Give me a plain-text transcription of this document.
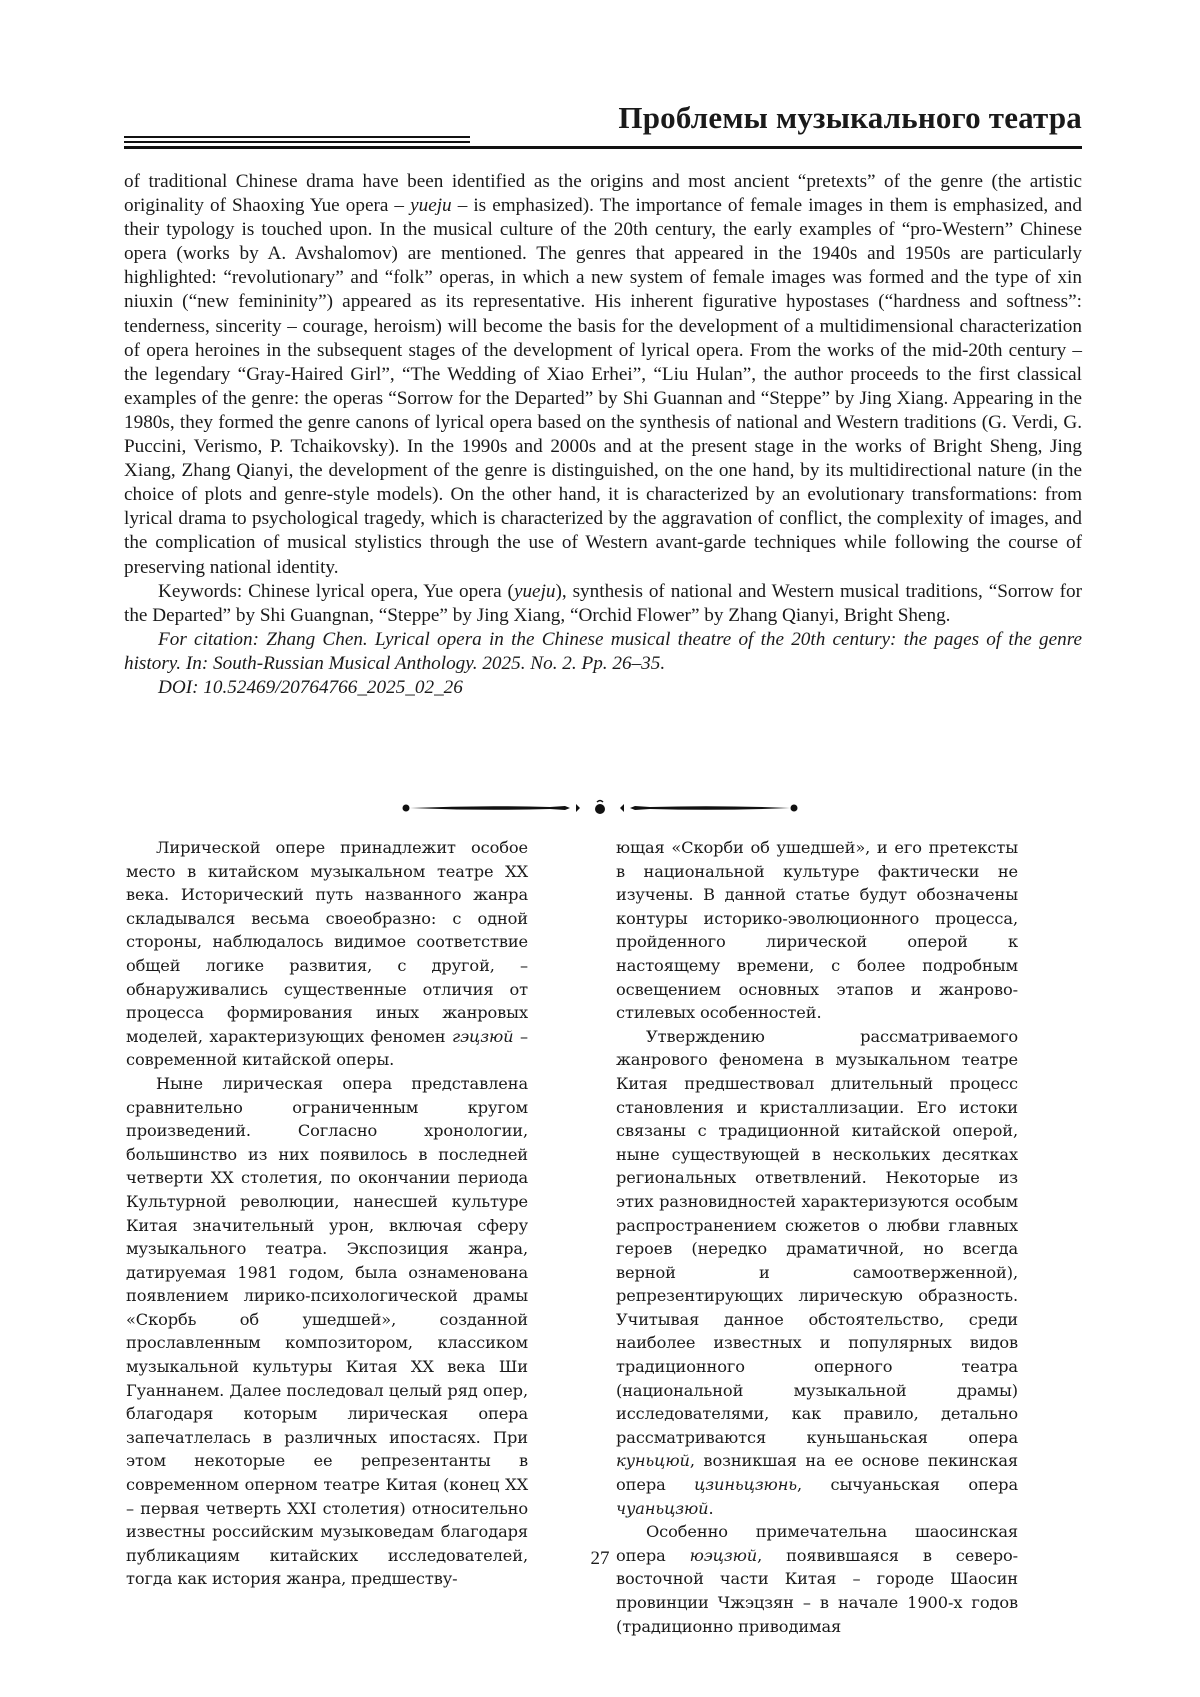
Проблемы музыкального театра

of traditional Chinese drama have been identified as the origins and most ancient “pretexts” of the genre (the artistic originality of Shaoxing Yue opera – yueju – is emphasized). The importance of female images in them is emphasized, and their typology is touched upon. In the musical culture of the 20th century, the early examples of “pro-Western” Chinese opera (works by A. Avshalomov) are mentioned. The genres that appeared in the 1940s and 1950s are particularly highlighted: “revolutionary” and “folk” operas, in which a new system of female images was formed and the type of xin niuxin (“new femininity”) appeared as its representative. His inherent figurative hypostases (“hardness and softness”: tenderness, sincerity – courage, heroism) will become the basis for the development of a multidimensional characterization of opera heroines in the subsequent stages of the development of lyrical opera. From the works of the mid-20th century – the legendary “Gray-Haired Girl”, “The Wedding of Xiao Erhei”, “Liu Hulan”, the author proceeds to the first classical examples of the genre: the operas “Sorrow for the Departed” by Shi Guannan and “Steppe” by Jing Xiang. Appearing in the 1980s, they formed the genre canons of lyrical opera based on the synthesis of national and Western traditions (G. Verdi, G. Puccini, Verismo, P. Tchaikovsky). In the 1990s and 2000s and at the present stage in the works of Bright Sheng, Jing Xiang, Zhang Qianyi, the development of the genre is distinguished, on the one hand, by its multidirectional nature (in the choice of plots and genre-style models). On the other hand, it is characterized by an evolutionary transformations: from lyrical drama to psychological tragedy, which is characterized by the aggravation of conflict, the complexity of images, and the complication of musical stylistics through the use of Western avant-garde techniques while following the course of preserving national identity.

Keywords: Chinese lyrical opera, Yue opera (yueju), synthesis of national and Western musical traditions, “Sorrow for the Departed” by Shi Guangnan, “Steppe” by Jing Xiang, “Orchid Flower” by Zhang Qianyi, Bright Sheng.

For citation: Zhang Chen. Lyrical opera in the Chinese musical theatre of the 20th century: the pages of the genre history. In: South-Russian Musical Anthology. 2025. No. 2. Pp. 26–35.

DOI: 10.52469/20764766_2025_02_26

Лирической опере принадлежит особое место в китайском музыкальном театре XX века. Исторический путь названного жанра складывался весьма своеобразно: с одной стороны, наблюдалось видимое соответствие общей логике развития, с другой, – обнаруживались существенные отличия от процесса формирования иных жанровых моделей, характеризующих феномен гэцзюй – современной китайской оперы.

Ныне лирическая опера представлена сравнительно ограниченным кругом произведений. Согласно хронологии, большинство из них появилось в последней четверти XX столетия, по окончании периода Культурной революции, нанесшей культуре Китая значительный урон, включая сферу музыкального театра. Экспозиция жанра, датируемая 1981 годом, была ознаменована появлением лирико-психологической драмы «Скорбь об ушедшей», созданной прославленным композитором, классиком музыкальной культуры Китая XX века Ши Гуаннанем. Далее последовал целый ряд опер, благодаря которым лирическая опера запечатлелась в различных ипостасях. При этом некоторые ее репрезентанты в современном оперном театре Китая (конец XX – первая четверть XXI столетия) относительно известны российским музыковедам благодаря публикациям китайских исследователей, тогда как история жанра, предшеству-

ющая «Скорби об ушедшей», и его претексты в национальной культуре фактически не изучены. В данной статье будут обозначены контуры историко-эволюционного процесса, пройденного лирической оперой к настоящему времени, с более подробным освещением основных этапов и жанрово-стилевых особенностей.

Утверждению рассматриваемого жанрового феномена в музыкальном театре Китая предшествовал длительный процесс становления и кристаллизации. Его истоки связаны с традиционной китайской оперой, ныне существующей в нескольких десятках региональных ответвлений. Некоторые из этих разновидностей характеризуются особым распространением сюжетов о любви главных героев (нередко драматичной, но всегда верной и самоотверженной), репрезентирующих лирическую образность. Учитывая данное обстоятельство, среди наиболее известных и популярных видов традиционного оперного театра (национальной музыкальной драмы) исследователями, как правило, детально рассматриваются куньшаньская опера куньцюй, возникшая на ее основе пекинская опера цзиньцзюнь, сычуаньская опера чуаньцзюй.

Особенно примечательна шаосинская опера юэцзюй, появившаяся в северо-восточной части Китая – городе Шаосин провинции Чжэцзян – в начале 1900-х годов (традиционно приводимая

27
